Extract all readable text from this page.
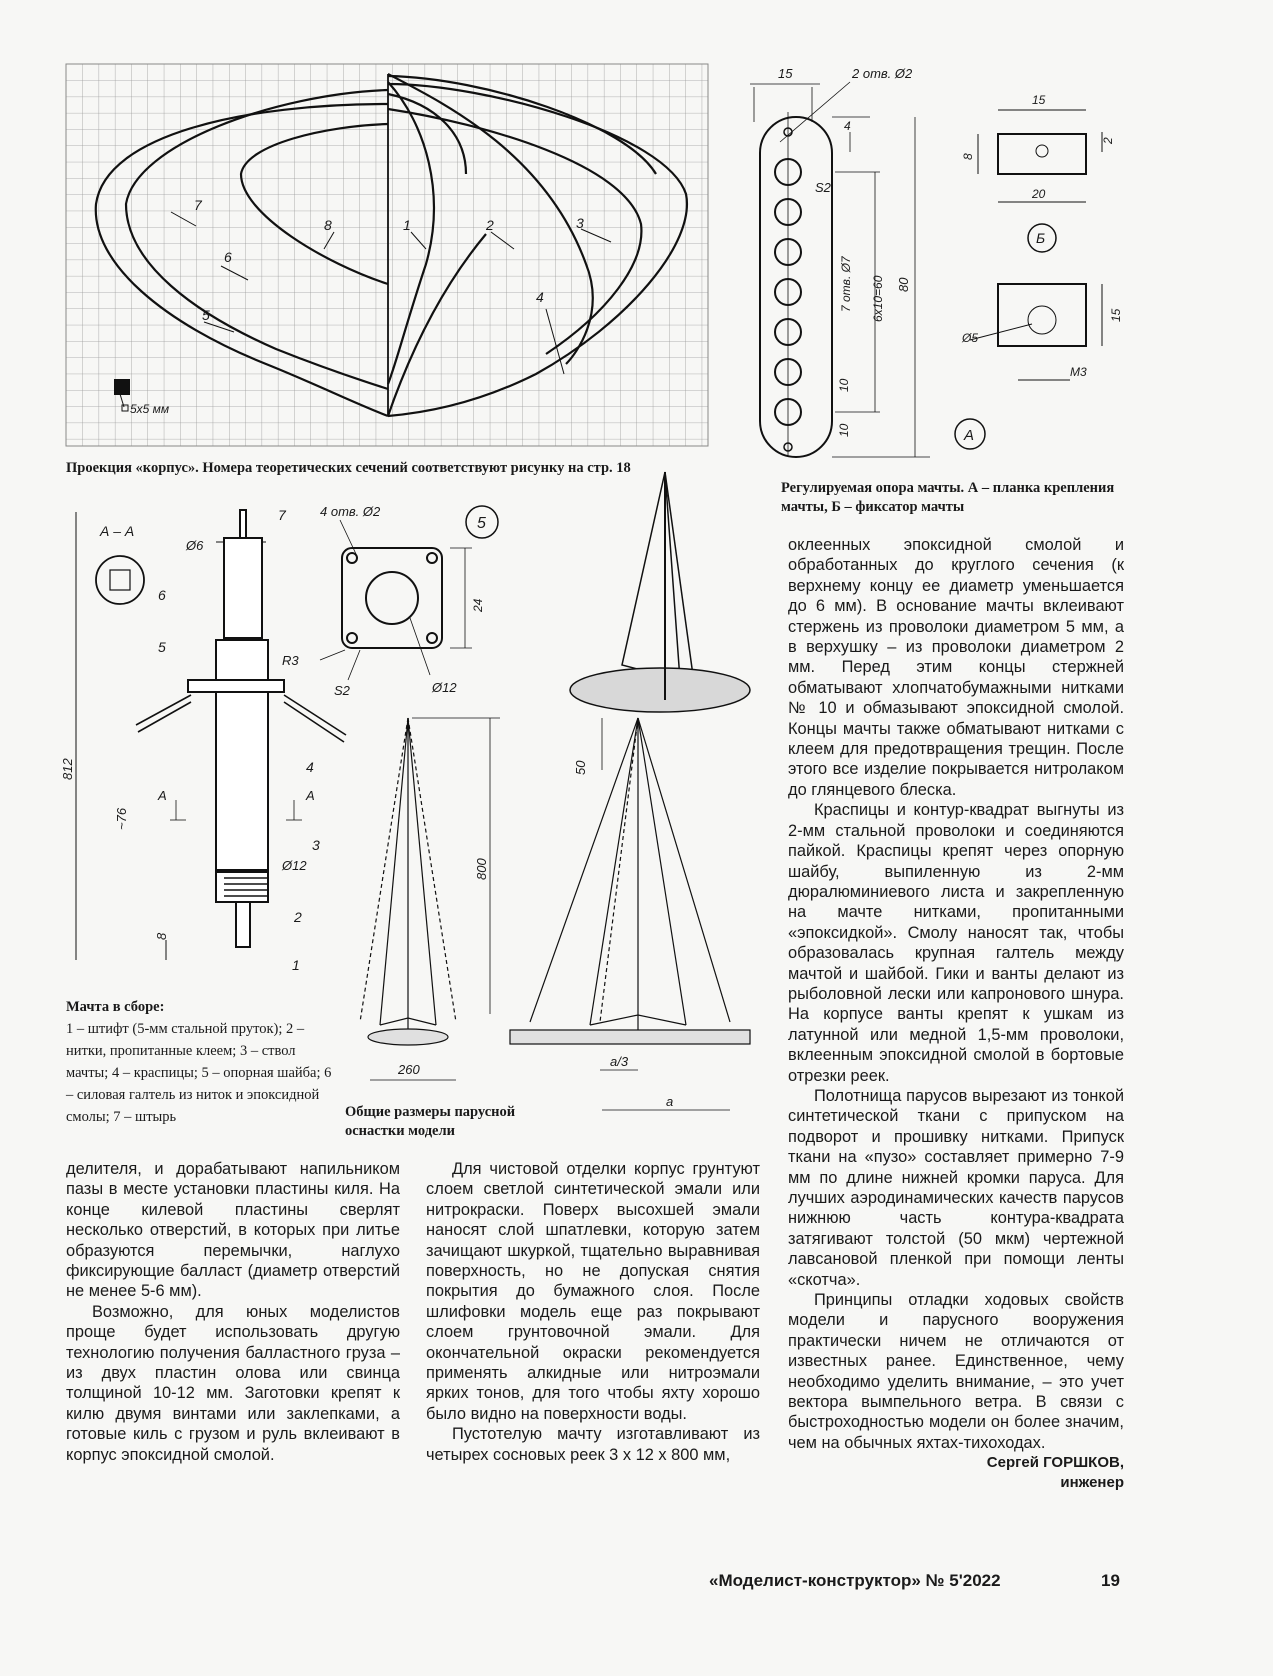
7
8	1	2	3
6
5
4
5x5 мм
Проекция «корпус». Номера теоретических сечений соответствуют рисунку на стр. 18
15	2 отв. Ø2
4
S2
7 отв. Ø7 6x10=60 80
10
10
15
8
2
20
Б
15
Ø5
M3
А
Регулируемая опора мачты. А – планка крепления мачты, Б – фиксатор мачты
А – А
Ø6
812
~76
Ø12
8
А	А
7
6
5
4
3
2
1
Мачта в сборе:
1 – штифт (5-мм стальной пруток); 2 – нитки, пропитанные клеем; 3 – ствол мачты; 4 – краспицы; 5 – опорная шайба; 6 – силовая галтель из ниток и эпоксидной смолы; 7 – штырь
5
4 отв. Ø2
24
R3
S2	Ø12
800
50
260
a/3
a
Общие размеры парусной оснастки модели

делителя, и дорабатывают напильником пазы в месте установки пластины киля. На конце килевой пластины сверлят несколько отверстий, в которых при литье образуются перемычки, наглухо фиксирующие балласт (диаметр отверстий не менее 5-6 мм).

Возможно, для юных моделистов проще будет использовать другую технологию получения балластного груза – из двух пластин олова или свинца толщиной 10-12 мм. Заготовки крепят к килю двумя винтами или заклепками, а готовые киль с грузом и руль вклеивают в корпус эпоксидной смолой.

Для чистовой отделки корпус грунтуют слоем светлой синтетической эмали или нитрокраски. Поверх высохшей эмали наносят слой шпатлевки, которую затем зачищают шкуркой, тщательно выравнивая поверхность, но не допуская снятия покрытия до бумажного слоя. После шлифовки модель еще раз покрывают слоем грунтовочной эмали. Для окончательной окраски рекомендуется применять алкидные или нитроэмали ярких тонов, для того чтобы яхту хорошо было видно на поверхности воды.

Пустотелую мачту изготавливают из четырех сосновых реек 3 х 12 х 800 мм,

оклеенных эпоксидной смолой и обработанных до круглого сечения (к верхнему концу ее диаметр уменьшается до 6 мм). В основание мачты вклеивают стержень из проволоки диаметром 5 мм, а в верхушку – из проволоки диаметром 2 мм. Перед этим концы стержней обматывают хлопчатобумажными нитками № 10 и обмазывают эпоксидной смолой. Концы мачты также обматывают нитками с клеем для предотвращения трещин. После этого все изделие покрывается нитролаком до глянцевого блеска.

Краспицы и контур-квадрат выгнуты из 2-мм стальной проволоки и соединяются пайкой. Краспицы крепят через опорную шайбу, выпиленную из 2-мм дюралюминиевого листа и закрепленную на мачте нитками, пропитанными «эпоксидкой». Смолу наносят так, чтобы образовалась крупная галтель между мачтой и шайбой. Гики и ванты делают из рыболовной лески или капронового шнура. На корпусе ванты крепят к ушкам из латунной или медной 1,5-мм проволоки, вклеенным эпоксидной смолой в бортовые отрезки реек.

Полотнища парусов вырезают из тонкой синтетической ткани с припуском на подворот и прошивку нитками. Припуск ткани на «пузо» составляет примерно 7-9 мм по длине нижней кромки паруса. Для лучших аэродинамических качеств парусов нижнюю часть контура-квадрата затягивают толстой (50 мкм) чертежной лавсановой пленкой при помощи ленты «скотча».

Принципы отладки ходовых свойств модели и парусного вооружения практически ничем не отличаются от известных ранее. Единственное, чему необходимо уделить внимание, – это учет вектора вымпельного ветра. В связи с быстроходностью модели он более значим, чем на обычных яхтах-тихоходах.

Сергей ГОРШКОВ,
инженер
«Моделист-конструктор» № 5'2022	19
